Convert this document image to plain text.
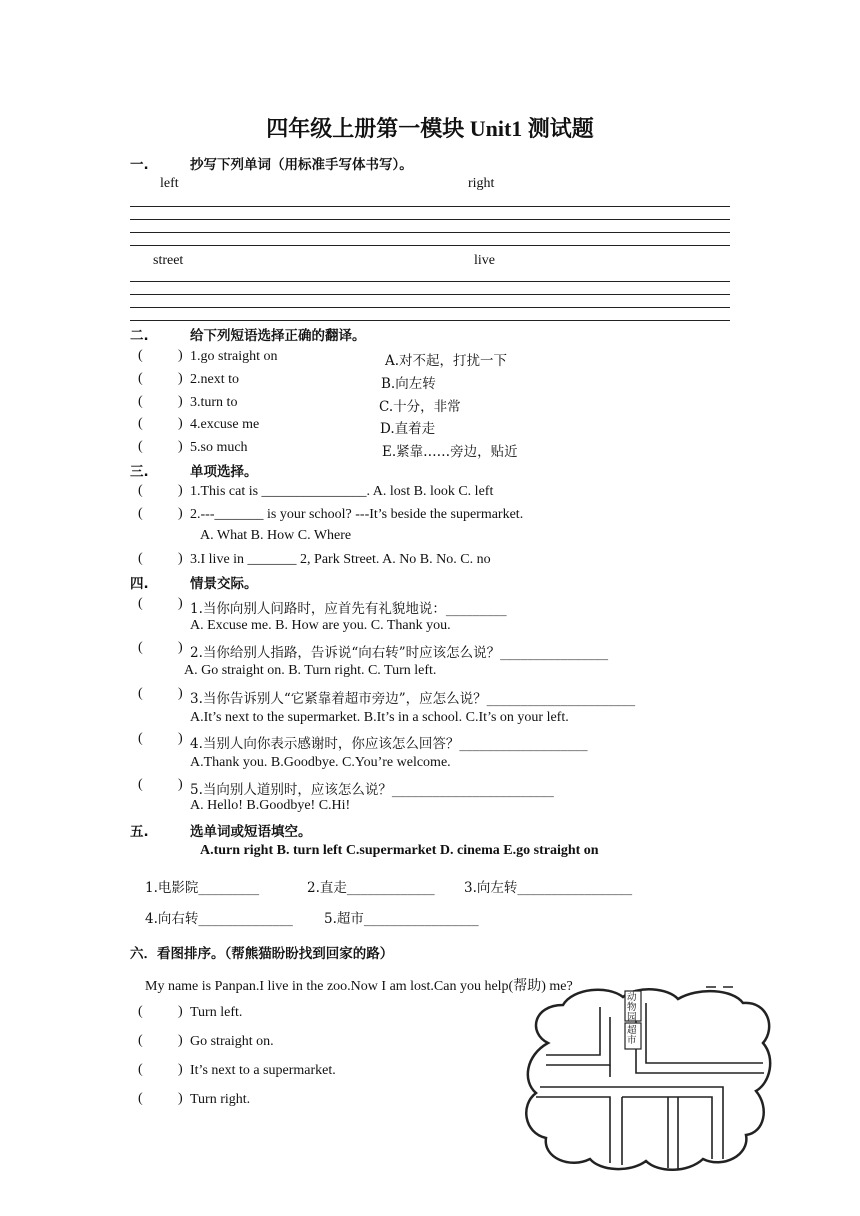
四年级上册第一模块 Unit1 测试题
一.	抄写下列单词（用标准手写体书写）。
left	right
street	live
二.	给下列短语选择正确的翻译。
(	) 1.go straight on	A.对不起，打扰一下
(	) 2.next to	B.向左转
(	) 3.turn to	C.十分，非常
(	) 4.excuse me	D.直着走
(	) 5.so much	E.紧靠……旁边，贴近
三.	单项选择。
(	) 1.This cat is _______________. A. lost B. look C. left
(	) 2.---_______ is your school? ---It’s beside the supermarket.
A. What B. How C. Where
(	) 3.I live in _______ 2, Park Street. A. No B. No. C. no
四.	情景交际。
(	) 1.当你向别人问路时，应首先有礼貌地说：_________
A. Excuse me. B. How are you. C. Thank you.
(	) 2.当你给别人指路，告诉说“向右转”时应该怎么说？________________
A. Go straight on. B. Turn right. C. Turn left.
(	) 3.当你告诉别人“它紧靠着超市旁边”，应怎么说？______________________
A.It’s next to the supermarket. B.It’s in a school. C.It’s on your left.
(	) 4.当别人向你表示感谢时，你应该怎么回答？___________________
A.Thank you. B.Goodbye. C.You’re welcome.
(	) 5.当向别人道别时，应该怎么说？________________________
A. Hello! B.Goodbye! C.Hi!
五.	选单词或短语填空。
A.turn right B. turn left C.supermarket D. cinema E.go straight on
1.电影院_________	2.直走_____________ 3.向左转_________________
4.向右转______________ 5.超市_________________
六．看图排序。（帮熊猫盼盼找到回家的路）
My name is Panpan.I live in the zoo.Now I am lost.Can you help(帮助) me?
(	) Turn left.
(	) Go straight on.
(	) It’s next to a supermarket.
(	) Turn right.
动物园
超市
